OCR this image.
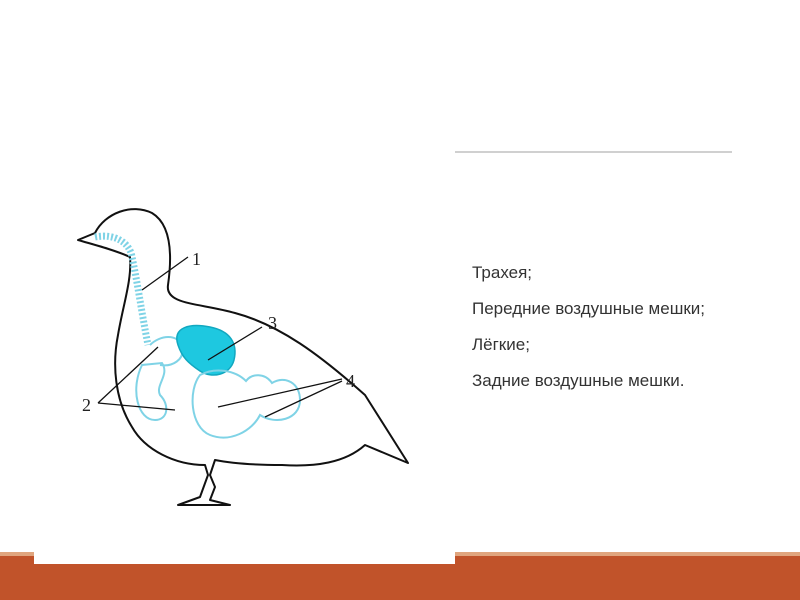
1
2
3
4
Трахея;
Передние воздушные мешки;
Лёгкие;
Задние воздушные мешки.
